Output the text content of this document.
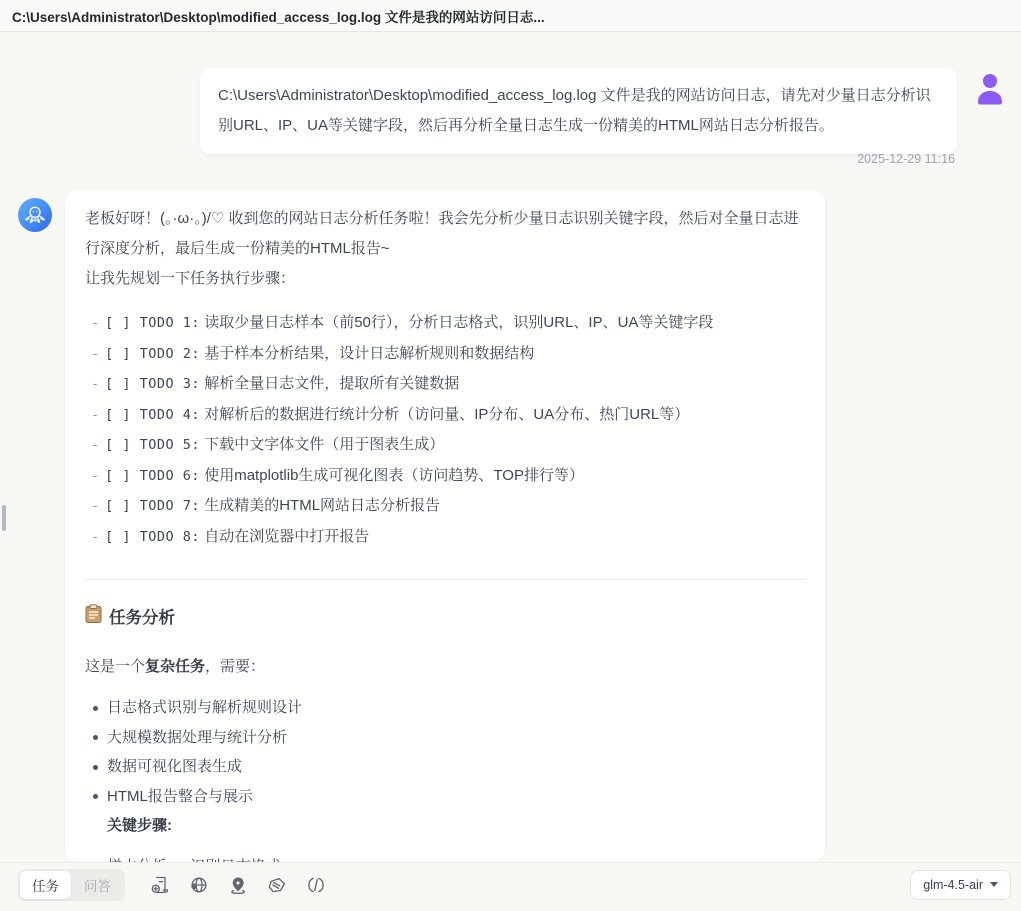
C:\Users\Administrator\Desktop\modified_access_log.log 文件是我的网站访问日志...
C:\Users\Administrator\Desktop\modified_access_log.log 文件是我的网站访问日志，请先对少量日志分析识别URL、IP、UA等关键字段，然后再分析全量日志生成一份精美的HTML网站日志分析报告。
2025-12-29 11:16

老板好呀！(｡·ω·｡)/♡ 收到您的网站日志分析任务啦！我会先分析少量日志识别关键字段，然后对全量日志进行深度分析，最后生成一份精美的HTML报告~

让我先规划一下任务执行步骤：

- [ ] TODO 1: 读取少量日志样本（前50行），分析日志格式，识别URL、IP、UA等关键字段
- [ ] TODO 2: 基于样本分析结果，设计日志解析规则和数据结构
- [ ] TODO 3: 解析全量日志文件，提取所有关键数据
- [ ] TODO 4: 对解析后的数据进行统计分析（访问量、IP分布、UA分布、热门URL等）
- [ ] TODO 5: 下载中文字体文件（用于图表生成）
- [ ] TODO 6: 使用matplotlib生成可视化图表（访问趋势、TOP排行等）
- [ ] TODO 7: 生成精美的HTML网站日志分析报告
- [ ] TODO 8: 自动在浏览器中打开报告
任务分析

这是一个复杂任务，需要：

日志格式识别与解析规则设计
大规模数据处理与统计分析
数据可视化图表生成
HTML报告整合与展示
关键步骤:
任务	问答	glm-4.5-air
